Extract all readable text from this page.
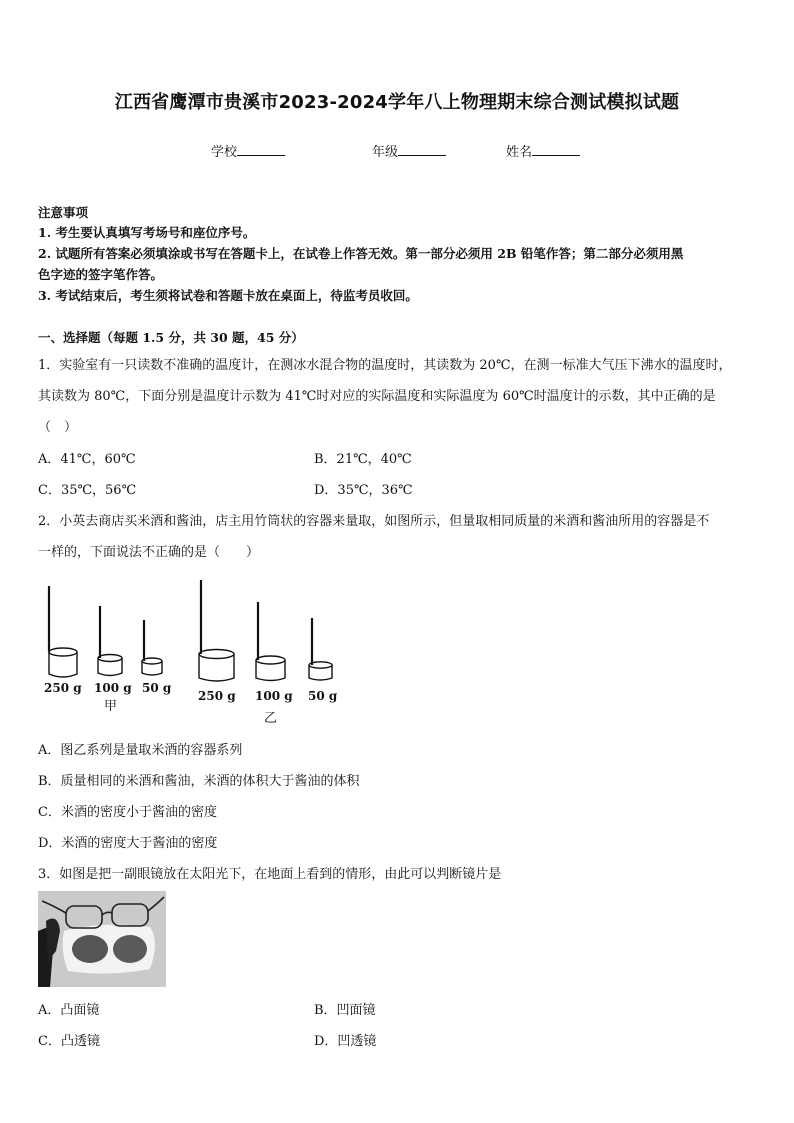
江西省鹰潭市贵溪市2023-2024学年八上物理期末综合测试模拟试题
学校	年级	姓名
注意事项
1. 考生要认真填写考场号和座位序号。
2. 试题所有答案必须填涂或书写在答题卡上，在试卷上作答无效。第一部分必须用 2B 铅笔作答；第二部分必须用黑
色字迹的签字笔作答。
3. 考试结束后，考生须将试卷和答题卡放在桌面上，待监考员收回。
一、选择题（每题 1.5 分，共 30 题，45 分）
1．实验室有一只读数不准确的温度计，在测冰水混合物的温度时，其读数为 20℃，在测一标准大气压下沸水的温度时，
其读数为 80℃，下面分别是温度计示数为 41℃时对应的实际温度和实际温度为 60℃时温度计的示数，其中正确的是
（　）
A．41℃，60℃	B．21℃，40℃
C．35℃，56℃	D．35℃，36℃
2．小英去商店买米酒和酱油，店主用竹筒状的容器来量取，如图所示，但量取相同质量的米酒和酱油所用的容器是不
一样的，下面说法不正确的是（　　）
250 g 100 g 50 g
250 g 100 g 50 g
甲
乙
A．图乙系列是量取米酒的容器系列
B．质量相同的米酒和酱油，米酒的体积大于酱油的体积
C．米酒的密度小于酱油的密度
D．米酒的密度大于酱油的密度
3．如图是把一副眼镜放在太阳光下，在地面上看到的情形，由此可以判断镜片是
A．凸面镜	B．凹面镜
C．凸透镜	D．凹透镜
